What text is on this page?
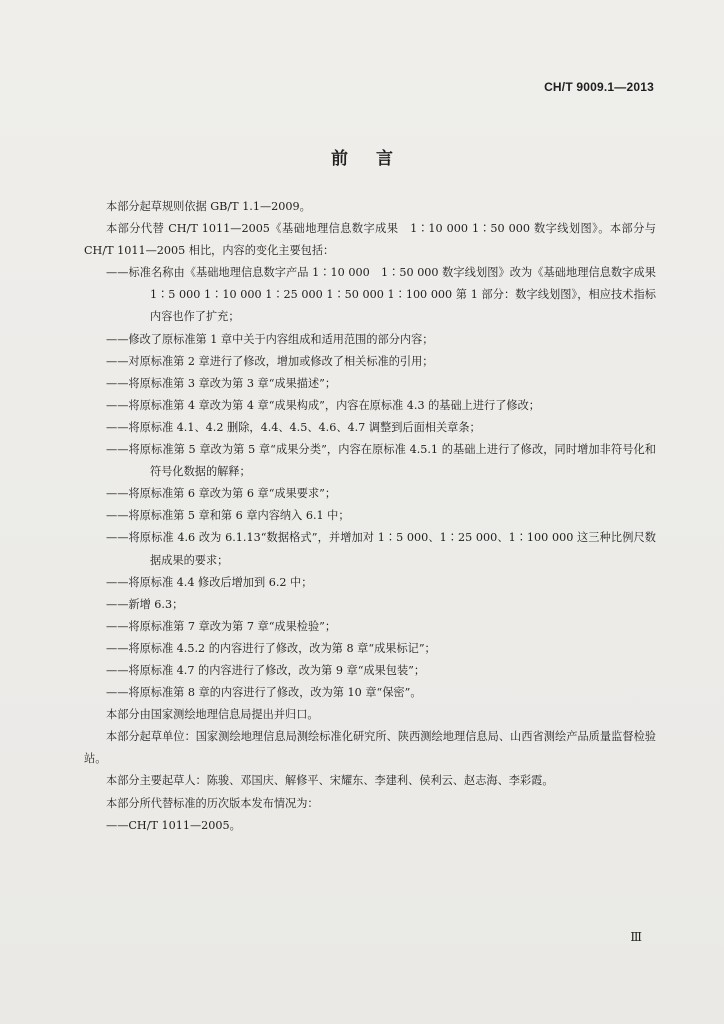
CH/T 9009.1—2013
前言

本部分起草规则依据 GB/T 1.1—2009。

本部分代替 CH/T 1011—2005《基础地理信息数字成果　1∶10 000 1∶50 000 数字线划图》。本部分与 CH/T 1011—2005 相比，内容的变化主要包括：

——标准名称由《基础地理信息数字产品 1∶10 000　1∶50 000 数字线划图》改为《基础地理信息数字成果　1∶5 000 1∶10 000 1∶25 000 1∶50 000 1∶100 000 第 1 部分：数字线划图》，相应技术指标内容也作了扩充；

——修改了原标准第 1 章中关于内容组成和适用范围的部分内容；

——对原标准第 2 章进行了修改，增加或修改了相关标准的引用；

——将原标准第 3 章改为第 3 章“成果描述”；

——将原标准第 4 章改为第 4 章“成果构成”，内容在原标准 4.3 的基础上进行了修改；

——将原标准 4.1、4.2 删除，4.4、4.5、4.6、4.7 调整到后面相关章条；

——将原标准第 5 章改为第 5 章“成果分类”，内容在原标准 4.5.1 的基础上进行了修改，同时增加非符号化和符号化数据的解释；

——将原标准第 6 章改为第 6 章“成果要求”；

——将原标准第 5 章和第 6 章内容纳入 6.1 中；

——将原标准 4.6 改为 6.1.13“数据格式”，并增加对 1∶5 000、1∶25 000、1∶100 000 这三种比例尺数据成果的要求；

——将原标准 4.4 修改后增加到 6.2 中；

——新增 6.3；

——将原标准第 7 章改为第 7 章“成果检验”；

——将原标准 4.5.2 的内容进行了修改，改为第 8 章“成果标记”；

——将原标准 4.7 的内容进行了修改，改为第 9 章“成果包装”；

——将原标准第 8 章的内容进行了修改，改为第 10 章“保密”。

本部分由国家测绘地理信息局提出并归口。

本部分起草单位：国家测绘地理信息局测绘标准化研究所、陕西测绘地理信息局、山西省测绘产品质量监督检验站。

本部分主要起草人：陈骏、邓国庆、解修平、宋耀东、李建利、侯利云、赵志海、李彩霞。

本部分所代替标准的历次版本发布情况为：

——CH/T 1011—2005。

Ⅲ
